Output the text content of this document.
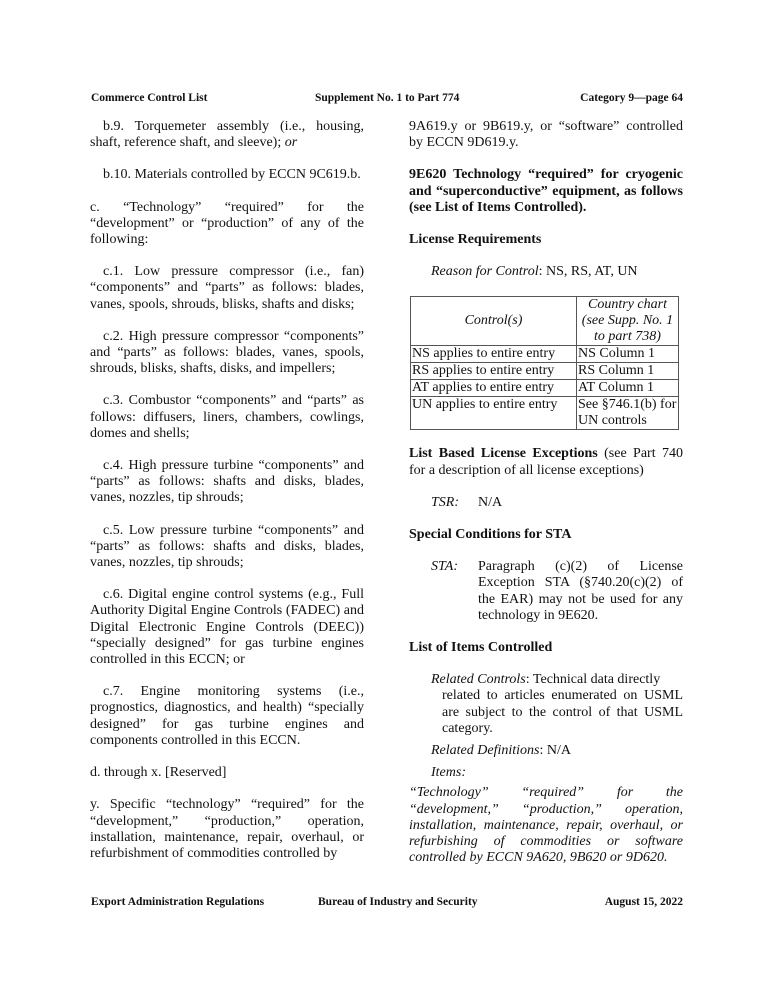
Commerce Control List	Supplement No. 1 to Part 774	Category 9—page 64

b.9. Torquemeter assembly (i.e., housing, shaft, reference shaft, and sleeve); or

b.10. Materials controlled by ECCN 9C619.b.

c. “Technology” “required” for the “development” or “production” of any of the following:

c.1. Low pressure compressor (i.e., fan) “components” and “parts” as follows: blades, vanes, spools, shrouds, blisks, shafts and disks;

c.2. High pressure compressor “components” and “parts” as follows: blades, vanes, spools, shrouds, blisks, shafts, disks, and impellers;

c.3. Combustor “components” and “parts” as follows: diffusers, liners, chambers, cowlings, domes and shells;

c.4. High pressure turbine “components” and “parts” as follows: shafts and disks, blades, vanes, nozzles, tip shrouds;

c.5. Low pressure turbine “components” and “parts” as follows: shafts and disks, blades, vanes, nozzles, tip shrouds;

c.6. Digital engine control systems (e.g., Full Authority Digital Engine Controls (FADEC) and Digital Electronic Engine Controls (DEEC)) “specially designed” for gas turbine engines controlled in this ECCN; or

c.7. Engine monitoring systems (i.e., prognostics, diagnostics, and health) “specially designed” for gas turbine engines and components controlled in this ECCN.

d. through x. [Reserved]

y. Specific “technology” “required” for the “development,” “production,” operation, installation, maintenance, repair, overhaul, or refurbishment of commodities controlled by

9A619.y or 9B619.y, or “software” controlled by ECCN 9D619.y.

9E620 Technology “required” for cryogenic and “superconductive” equipment, as follows (see List of Items Controlled).

License Requirements

Reason for Control: NS, RS, AT, UN

Control(s)	Country chart (see Supp. No. 1 to part 738)
NS applies to entire entry	NS Column 1
RS applies to entire entry	RS Column 1
AT applies to entire entry	AT Column 1
UN applies to entire entry	See §746.1(b) for UN controls

List Based License Exceptions (see Part 740 for a description of all license exceptions)

TSR:	N/A

Special Conditions for STA

STA:	Paragraph (c)(2) of License Exception STA (§740.20(c)(2) of the EAR) may not be used for any technology in 9E620.

List of Items Controlled

Related Controls: Technical data directly
related to articles enumerated on USML are subject to the control of that USML category.

Related Definitions: N/A

Items:

“Technology” “required” for the “development,” “production,” operation, installation, maintenance, repair, overhaul, or refurbishing of commodities or software controlled by ECCN 9A620, 9B620 or 9D620.

Export Administration Regulations	Bureau of Industry and Security	August 15, 2022
